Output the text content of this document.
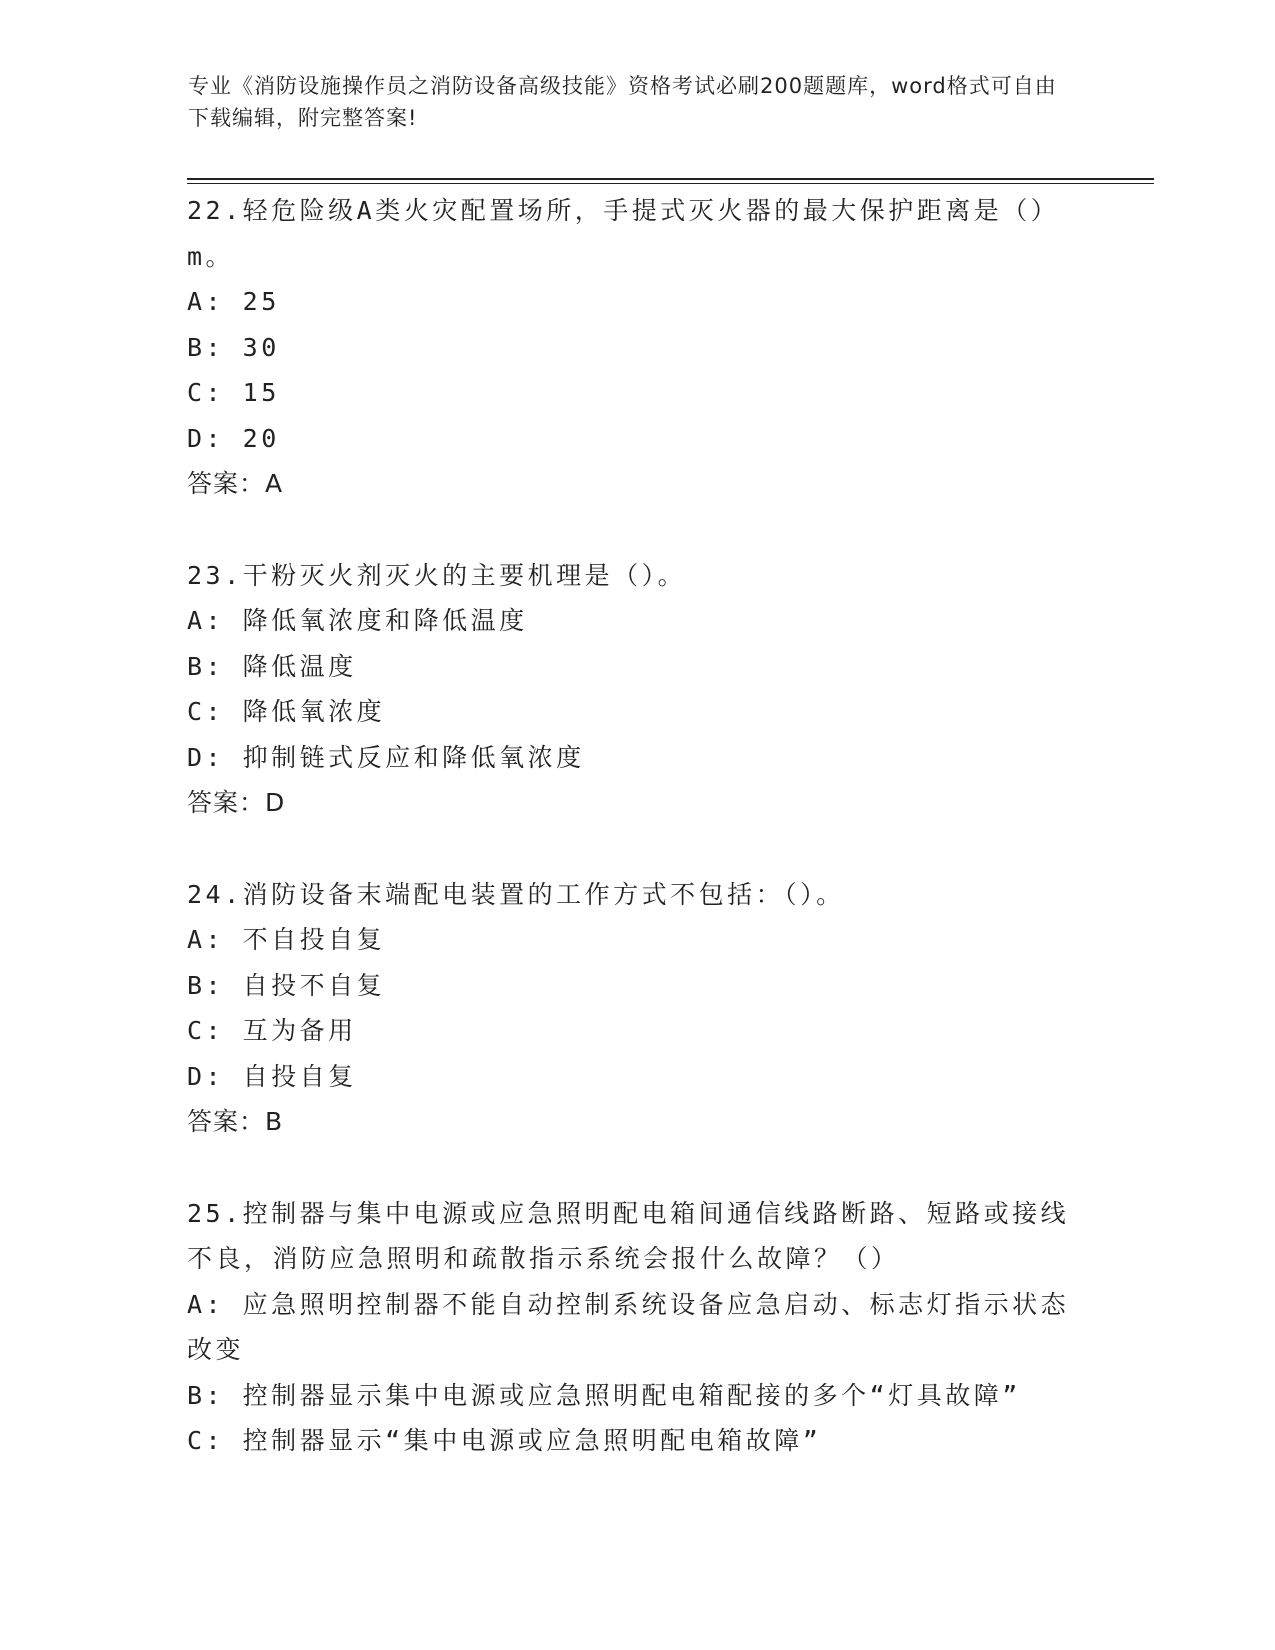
专业《消防设施操作员之消防设备高级技能》资格考试必刷200题题库，word格式可自由下载编辑，附完整答案!
22.轻危险级A类火灾配置场所，手提式灭火器的最大保护距离是（）m。
A: 25
B: 30
C: 15
D: 20
答案：A
23.干粉灭火剂灭火的主要机理是（）。
A: 降低氧浓度和降低温度
B: 降低温度
C: 降低氧浓度
D: 抑制链式反应和降低氧浓度
答案：D
24.消防设备末端配电装置的工作方式不包括：（）。
A: 不自投自复
B: 自投不自复
C: 互为备用
D: 自投自复
答案：B
25.控制器与集中电源或应急照明配电箱间通信线路断路、短路或接线不良，消防应急照明和疏散指示系统会报什么故障？（）
A: 应急照明控制器不能自动控制系统设备应急启动、标志灯指示状态改变
B: 控制器显示集中电源或应急照明配电箱配接的多个“灯具故障”
C: 控制器显示“集中电源或应急照明配电箱故障”
